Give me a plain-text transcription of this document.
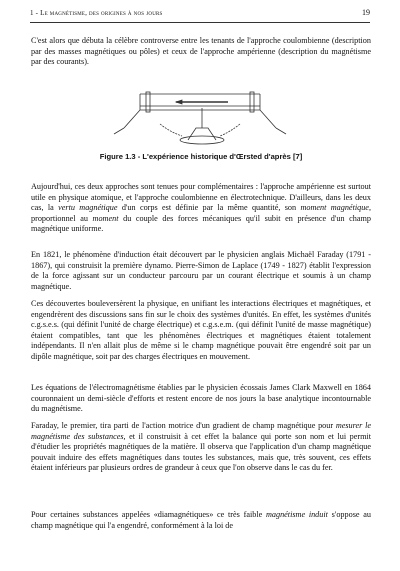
1 - Le magnétisme, des origines à nos jours	19

C'est alors que débuta la célèbre controverse entre les tenants de l'approche coulombienne (description par des masses magnétiques ou pôles) et ceux de l'approche ampérienne (description du magnétisme par des courants).

Figure 1.3 - L'expérience historique d'Œrsted d'après [7]

Aujourd'hui, ces deux approches sont tenues pour complémentaires : l'approche ampérienne est surtout utile en physique atomique, et l'approche coulombienne en électrotechnique. D'ailleurs, dans les deux cas, la vertu magnétique d'un corps est définie par la même quantité, son moment magnétique, proportionnel au moment du couple des forces mécaniques qu'il subit en présence d'un champ magnétique uniforme.

En 1821, le phénomène d'induction était découvert par le physicien anglais Michaël Faraday (1791 - 1867), qui construisit la première dynamo. Pierre-Simon de Laplace (1749 - 1827) établit l'expression de la force agissant sur un conducteur parcouru par un courant électrique et soumis à un champ magnétique.

Ces découvertes bouleversèrent la physique, en unifiant les interactions électriques et magnétiques, et engendrèrent des discussions sans fin sur le choix des systèmes d'unités. En effet, les systèmes d'unités c.g.s.e.s. (qui définit l'unité de charge électrique) et c.g.s.e.m. (qui définit l'unité de masse magnétique) étaient compatibles, tant que les phénomènes électriques et magnétiques étaient totalement indépendants. Il n'en allait plus de même si le champ magnétique pouvait être engendré soit par un dipôle magnétique, soit par des charges électriques en mouvement.

Les équations de l'électromagnétisme établies par le physicien écossais James Clark Maxwell en 1864 couronnaient un demi-siècle d'efforts et restent encore de nos jours la base analytique incontournable du magnétisme.

Faraday, le premier, tira parti de l'action motrice d'un gradient de champ magnétique pour mesurer le magnétisme des substances, et il construisit à cet effet la balance qui porte son nom et lui permit d'étudier les propriétés magnétiques de la matière. Il observa que l'application d'un champ magnétique pouvait induire des effets magnétiques dans toutes les substances, mais que, très souvent, ces effets étaient inférieurs par plusieurs ordres de grandeur à ceux que l'on observe dans le cas du fer.

Pour certaines substances appelées «diamagnétiques» ce très faible magnétisme induit s'oppose au champ magnétique qui l'a engendré, conformément à la loi de
